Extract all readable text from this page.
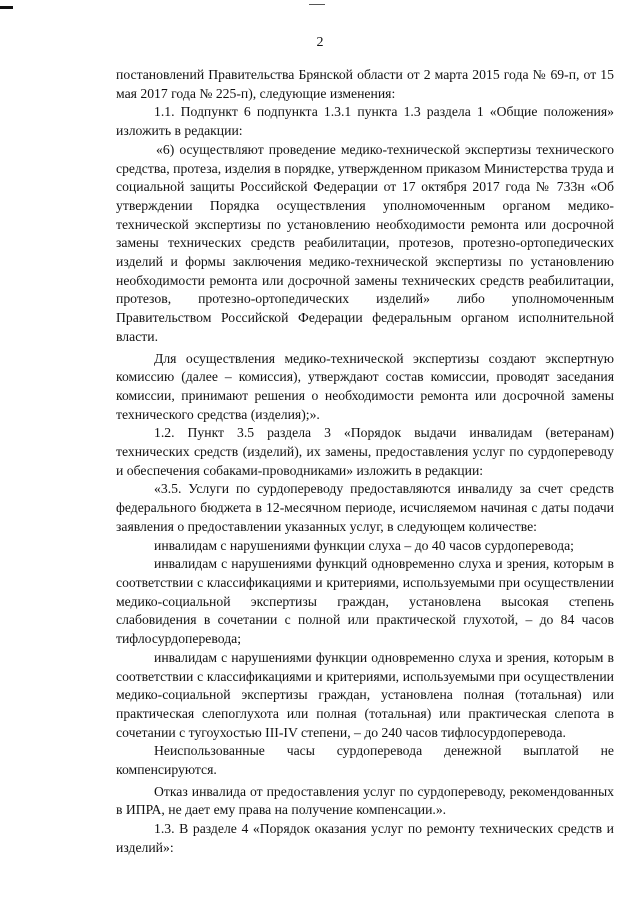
2

постановлений Правительства Брянской области от 2 марта 2015 года № 69-п, от 15 мая 2017 года № 225-п), следующие изменения:

1.1. Подпункт 6 подпункта 1.3.1 пункта 1.3 раздела 1 «Общие положения» изложить в редакции:

«6) осуществляют проведение медико-технической экспертизы технического средства, протеза, изделия в порядке, утвержденном приказом Министерства труда и социальной защиты Российской Федерации от 17 октября 2017 года № 733н «Об утверждении Порядка осуществления уполномоченным органом медико-технической экспертизы по установлению необходимости ремонта или досрочной замены технических средств реабилитации, протезов, протезно-ортопедических изделий и формы заключения медико-технической экспертизы по установлению необходимости ремонта или досрочной замены технических средств реабилитации, протезов, протезно-ортопедических изделий» либо уполномоченным Правительством Российской Федерации федеральным органом исполнительной власти.

Для осуществления медико-технической экспертизы создают экспертную комиссию (далее – комиссия), утверждают состав комиссии, проводят заседания комиссии, принимают решения о необходимости ремонта или досрочной замены технического средства (изделия);».

1.2. Пункт 3.5 раздела 3 «Порядок выдачи инвалидам (ветеранам) технических средств (изделий), их замены, предоставления услуг по сурдопереводу и обеспечения собаками-проводниками» изложить в редакции:

«3.5. Услуги по сурдопереводу предоставляются инвалиду за счет средств федерального бюджета в 12-месячном периоде, исчисляемом начиная с даты подачи заявления о предоставлении указанных услуг, в следующем количестве:

инвалидам с нарушениями функции слуха – до 40 часов сурдоперевода;

инвалидам с нарушениями функций одновременно слуха и зрения, которым в соответствии с классификациями и критериями, используемыми при осуществлении медико-социальной экспертизы граждан, установлена высокая степень слабовидения в сочетании с полной или практической глухотой, – до 84 часов тифлосурдоперевода;

инвалидам с нарушениями функции одновременно слуха и зрения, которым в соответствии с классификациями и критериями, используемыми при осуществлении медико-социальной экспертизы граждан, установлена полная (тотальная) или практическая слепоглухота или полная (тотальная) или практическая слепота в сочетании с тугоухостью III-IV степени, – до 240 часов тифлосурдоперевода.

Неиспользованные часы сурдоперевода денежной выплатой не компенсируются.

Отказ инвалида от предоставления услуг по сурдопереводу, рекомендованных в ИПРА, не дает ему права на получение компенсации.».

1.3. В разделе 4 «Порядок оказания услуг по ремонту технических средств и изделий»:
